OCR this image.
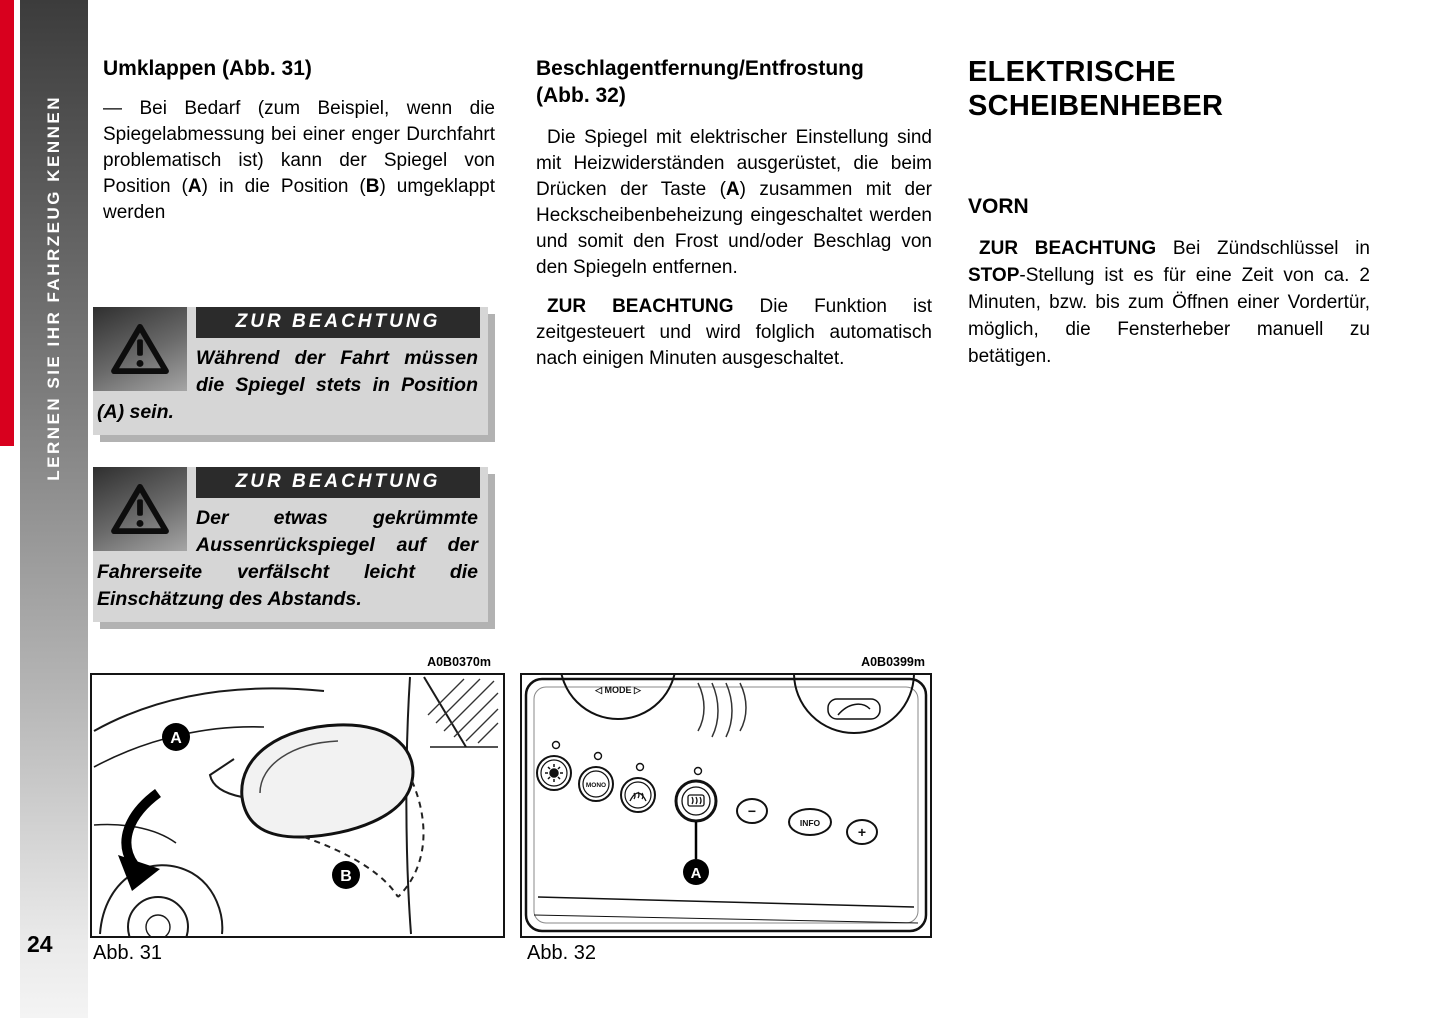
LERNEN SIE IHR FAHRZEUG KENNEN
24
Umklappen (Abb. 31)

— Bei Bedarf (zum Beispiel, wenn die Spiegelabmessung bei einer enger Durchfahrt problematisch ist) kann der Spiegel von Position (A) in die Position (B) umgeklappt werden

ZUR BEACHTUNG
Während der Fahrt müssen die Spiegel stets in Position (A) sein.
ZUR BEACHTUNG
Der etwas gekrümmte Aussenrückspiegel auf der Fahrerseite verfälscht leicht die Einschätzung des Abstands.
Beschlagentfernung/Entfrostung
(Abb. 32)

Die Spiegel mit elektrischer Einstellung sind mit Heizwiderständen ausgerüstet, die beim Drücken der Taste (A) zusammen mit der Heckscheibenbeheizung eingeschaltet werden und somit den Frost und/oder Beschlag von den Spiegeln entfernen.

ZUR BEACHTUNG Die Funktion ist zeitgesteuert und wird folglich automatisch nach einigen Minuten ausgeschaltet.

ELEKTRISCHE
SCHEIBENHEBER
VORN

ZUR BEACHTUNG Bei Zündschlüssel in STOP-Stellung ist es für eine Zeit von ca. 2 Minuten, bzw. bis zum Öffnen einer Vordertür, möglich, die Fensterheber manuell zu betätigen.

A0B0370m
A
B
Abb. 31
A0B0399m
◁ MODE ▷
MONO
−
INFO
+
A
Abb. 32
